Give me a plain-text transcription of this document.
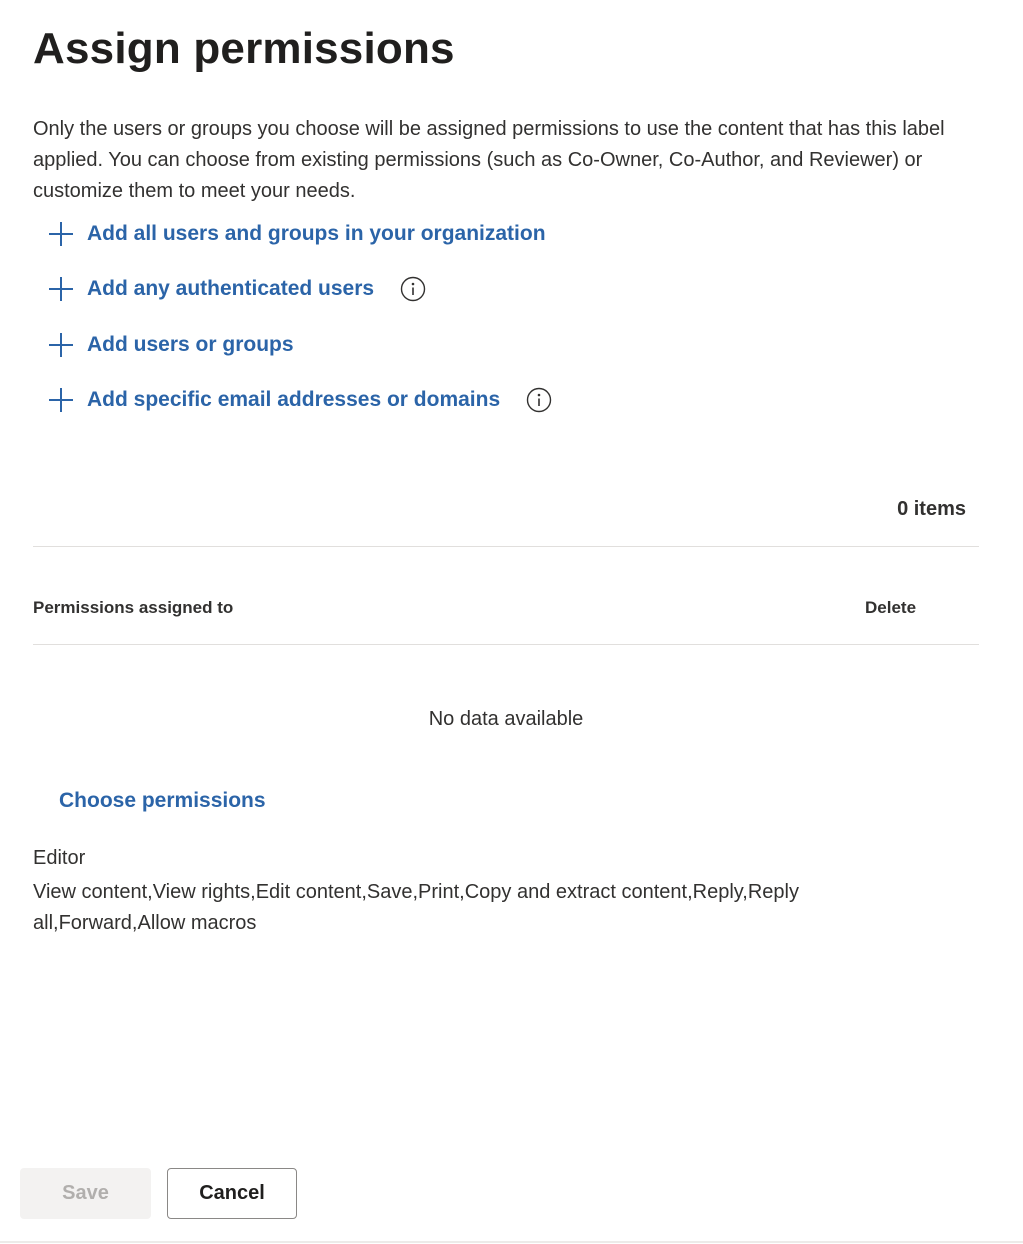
Assign permissions

Only the users or groups you choose will be assigned permissions to use the content that has this label applied. You can choose from existing permissions (such as Co-Owner, Co-Author, and Reviewer) or customize them to meet your needs.

Add all users and groups in your organization
Add any authenticated users
Add users or groups
Add specific email addresses or domains
0 items
Permissions assigned to	Delete
No data available
Choose permissions
Editor
View content,View rights,Edit content,Save,Print,Copy and extract content,Reply,Reply all,Forward,Allow macros
Save	Cancel
